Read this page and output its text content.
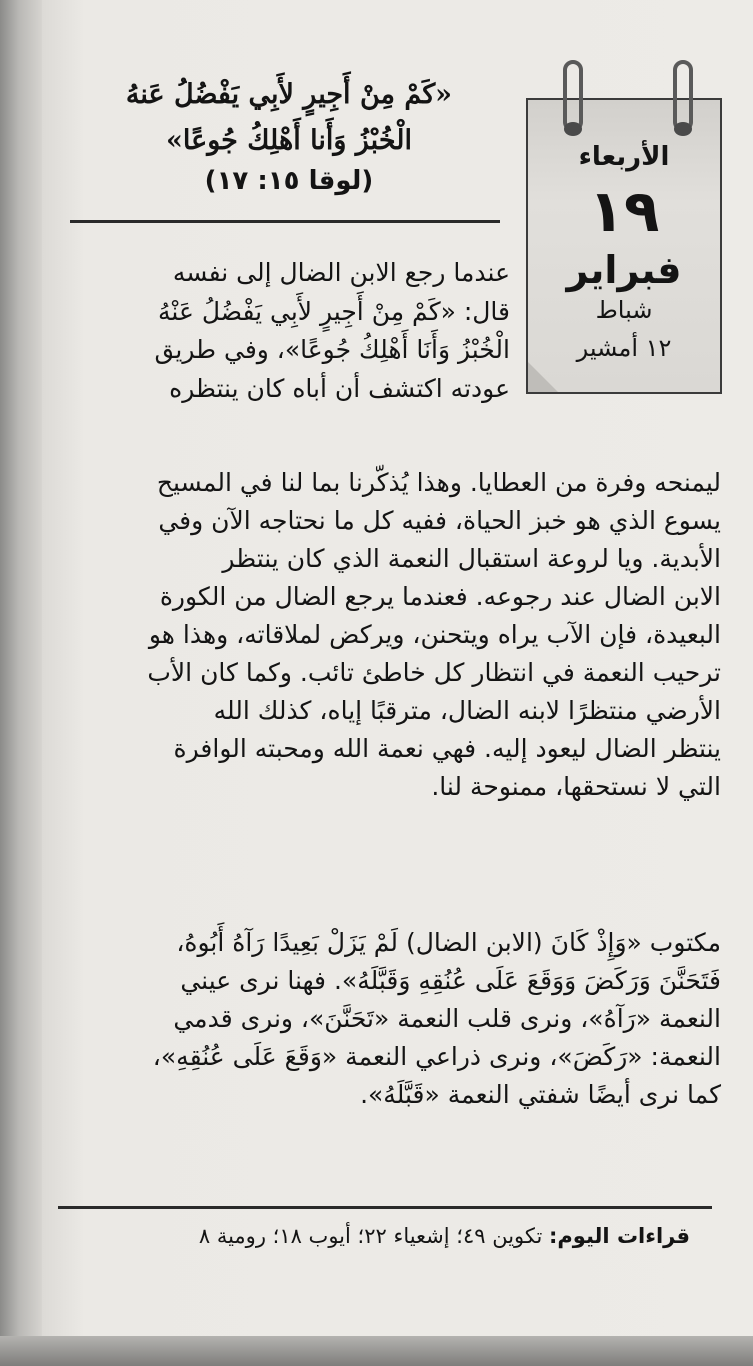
الأربعاء
١٩
فبراير
شباط
١٢ أمشير
«كَمْ مِنْ أَجِيرٍ لأَبِي يَفْضُلُ عَنهُ
الْخُبْزُ وَأَنا أَهْلِكُ جُوعًا»
(لوقا ١٥: ١٧)
عندما رجع الابن الضال إلى نفسه
قال: «كَمْ مِنْ أَجِيرٍ لأَبِي يَفْضُلُ عَنْهُ
الْخُبْزُ وَأَنَا أَهْلِكُ جُوعًا»، وفي طريق
عودته اكتشف أن أباه كان ينتظره
ليمنحه وفرة من العطايا. وهذا يُذكّرنا بما لنا في المسيح
يسوع الذي هو خبز الحياة، ففيه كل ما نحتاجه الآن وفي
الأبدية. ويا لروعة استقبال النعمة الذي كان ينتظر
الابن الضال عند رجوعه. فعندما يرجع الضال من الكورة
البعيدة، فإن الآب يراه ويتحنن، ويركض لملاقاته، وهذا هو
ترحيب النعمة في انتظار كل خاطئ تائب. وكما كان الأب
الأرضي منتظرًا لابنه الضال، مترقبًا إياه، كذلك الله
ينتظر الضال ليعود إليه. فهي نعمة الله ومحبته الوافرة
التي لا نستحقها، ممنوحة لنا.
مكتوب «وَإِذْ كَانَ (الابن الضال) لَمْ يَزَلْ بَعِيدًا رَآهُ أَبُوهُ،
فَتَحَنَّنَ وَرَكَضَ وَوَقَعَ عَلَى عُنُقِهِ وَقَبَّلَهُ». فهنا نرى عيني
النعمة «رَآهُ»، ونرى قلب النعمة «تَحَنَّنَ»، ونرى قدمي
النعمة: «رَكَضَ»، ونرى ذراعي النعمة «وَقَعَ عَلَى عُنُقِهِ»،
كما نرى أيضًا شفتي النعمة «قَبَّلَهُ».
قراءات اليوم: تكوين ٤٩؛ إشعياء ٢٢؛ أيوب ١٨؛ رومية ٨
